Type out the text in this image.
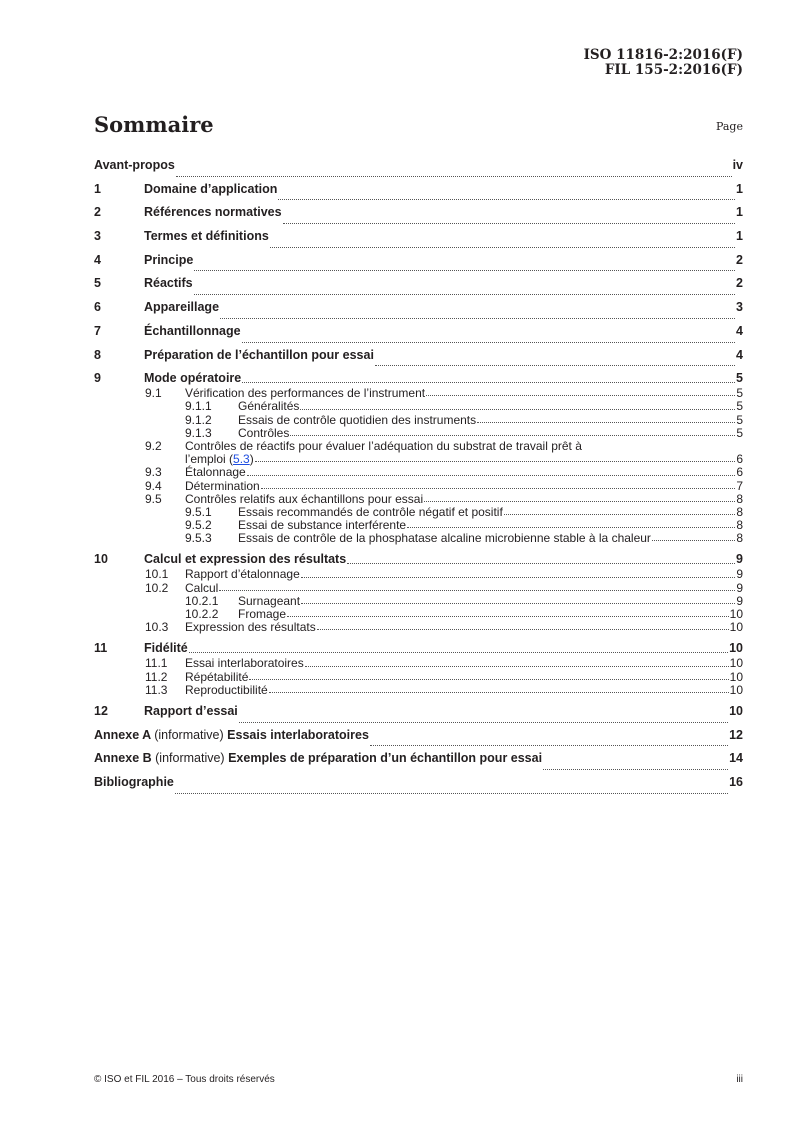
ISO 11816-2:2016(F)
FIL 155-2:2016(F)
Sommaire	Page
Avant-propos	iv
1	Domaine d’application	1
2	Références normatives	1
3	Termes et définitions	1
4	Principe	2
5	Réactifs	2
6	Appareillage	3
7	Échantillonnage	4
8	Préparation de l’échantillon pour essai	4
9	Mode opératoire	5
9.1	Vérification des performances de l’instrument	5
9.1.1	Généralités	5
9.1.2	Essais de contrôle quotidien des instruments	5
9.1.3	Contrôles	5
9.2	Contrôles de réactifs pour évaluer l’adéquation du substrat de travail prêt à
l’emploi (5.3)	6
9.3	Étalonnage	6
9.4	Détermination	7
9.5	Contrôles relatifs aux échantillons pour essai	8
9.5.1	Essais recommandés de contrôle négatif et positif	8
9.5.2	Essai de substance interférente	8
9.5.3	Essais de contrôle de la phosphatase alcaline microbienne stable à la chaleur	8
10	Calcul et expression des résultats	9
10.1	Rapport d’étalonnage	9
10.2	Calcul	9
10.2.1	Surnageant	9
10.2.2	Fromage	10
10.3	Expression des résultats	10
11	Fidélité	10
11.1	Essai interlaboratoires	10
11.2	Répétabilité	10
11.3	Reproductibilité	10
12	Rapport d’essai	10
Annexe A (informative) Essais interlaboratoires	12
Annexe B (informative) Exemples de préparation d’un échantillon pour essai	14
Bibliographie	16
© ISO et FIL 2016 – Tous droits réservés	iii
